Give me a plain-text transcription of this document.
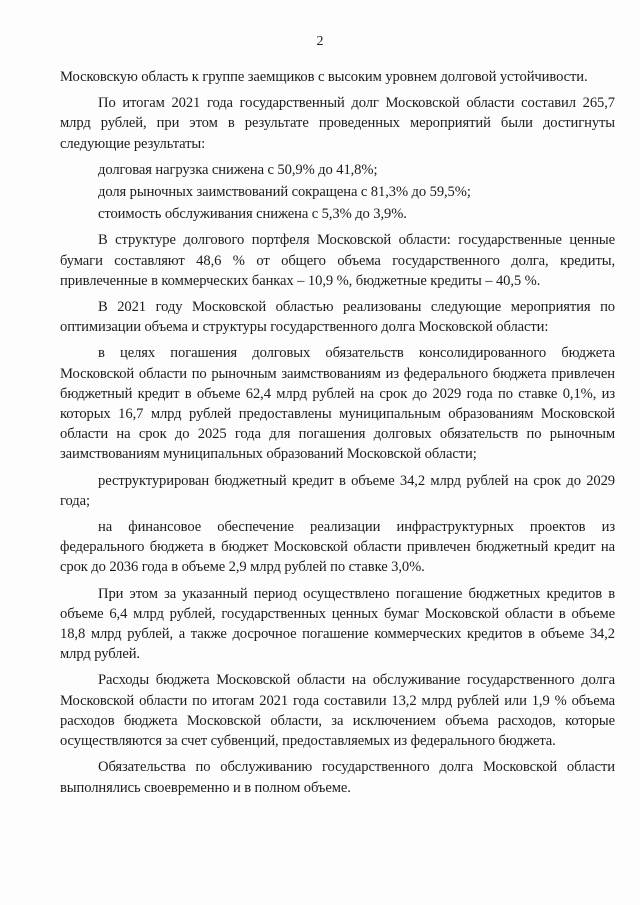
2

Московскую область к группе заемщиков с высоким уровнем долговой устойчивости.

По итогам 2021 года государственный долг Московской области составил 265,7 млрд рублей, при этом в результате проведенных мероприятий были достигнуты следующие результаты:

долговая нагрузка снижена с 50,9% до 41,8%;

доля рыночных заимствований сокращена с 81,3% до 59,5%;

стоимость обслуживания снижена с 5,3% до 3,9%.

В структуре долгового портфеля Московской области: государственные ценные бумаги составляют 48,6 % от общего объема государственного долга, кредиты, привлеченные в коммерческих банках – 10,9 %, бюджетные кредиты – 40,5 %.

В 2021 году Московской областью реализованы следующие мероприятия по оптимизации объема и структуры государственного долга Московской области:

в целях погашения долговых обязательств консолидированного бюджета Московской области по рыночным заимствованиям из федерального бюджета привлечен бюджетный кредит в объеме 62,4 млрд рублей на срок до 2029 года по ставке 0,1%, из которых 16,7 млрд рублей предоставлены муниципальным образованиям Московской области на срок до 2025 года для погашения долговых обязательств по рыночным заимствованиям муниципальных образований Московской области;

реструктурирован бюджетный кредит в объеме 34,2 млрд рублей на срок до 2029 года;

на финансовое обеспечение реализации инфраструктурных проектов из федерального бюджета в бюджет Московской области привлечен бюджетный кредит на срок до 2036 года в объеме 2,9 млрд рублей по ставке 3,0%.

При этом за указанный период осуществлено погашение бюджетных кредитов в объеме 6,4 млрд рублей, государственных ценных бумаг Московской области в объеме 18,8 млрд рублей, а также досрочное погашение коммерческих кредитов в объеме 34,2 млрд рублей.

Расходы бюджета Московской области на обслуживание государственного долга Московской области по итогам 2021 года составили 13,2 млрд рублей или 1,9 % объема расходов бюджета Московской области, за исключением объема расходов, которые осуществляются за счет субвенций, предоставляемых из федерального бюджета.

Обязательства по обслуживанию государственного долга Московской области выполнялись своевременно и в полном объеме.
